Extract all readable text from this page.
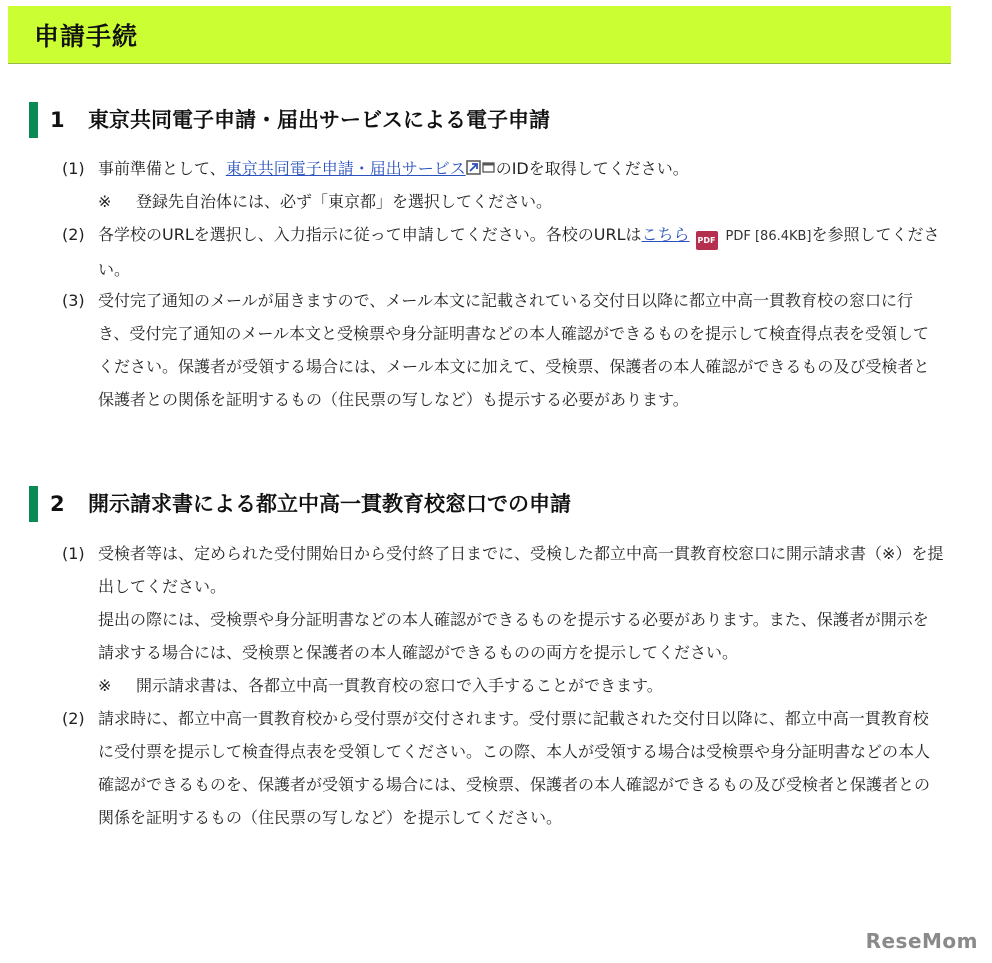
申請手続
1 東京共同電子申請・届出サービスによる電子申請
(1) 事前準備として、東京共同電子申請・届出サービス のIDを取得してください。
※ 登録先自治体には、必ず「東京都」を選択してください。
(2) 各学校のURLを選択し、入力指示に従って申請してください。各校のURLはこちら PDF PDF [86.4KB]を参照してください。
(3) 受付完了通知のメールが届きますので、メール本文に記載されている交付日以降に都立中高一貫教育校の窓口に行き、受付完了通知のメール本文と受検票や身分証明書などの本人確認ができるものを提示して検査得点表を受領してください。保護者が受領する場合には、メール本文に加えて、受検票、保護者の本人確認ができるもの及び受検者と保護者との関係を証明するもの（住民票の写しなど）も提示する必要があります。
2 開示請求書による都立中高一貫教育校窓口での申請
(1) 受検者等は、定められた受付開始日から受付終了日までに、受検した都立中高一貫教育校窓口に開示請求書（※）を提出してください。
提出の際には、受検票や身分証明書などの本人確認ができるものを提示する必要があります。また、保護者が開示を請求する場合には、受検票と保護者の本人確認ができるものの両方を提示してください。
※ 開示請求書は、各都立中高一貫教育校の窓口で入手することができます。
(2) 請求時に、都立中高一貫教育校から受付票が交付されます。受付票に記載された交付日以降に、都立中高一貫教育校に受付票を提示して検査得点表を受領してください。この際、本人が受領する場合は受検票や身分証明書などの本人確認ができるものを、保護者が受領する場合には、受検票、保護者の本人確認ができるもの及び受検者と保護者との関係を証明するもの（住民票の写しなど）を提示してください。
ReseMom
